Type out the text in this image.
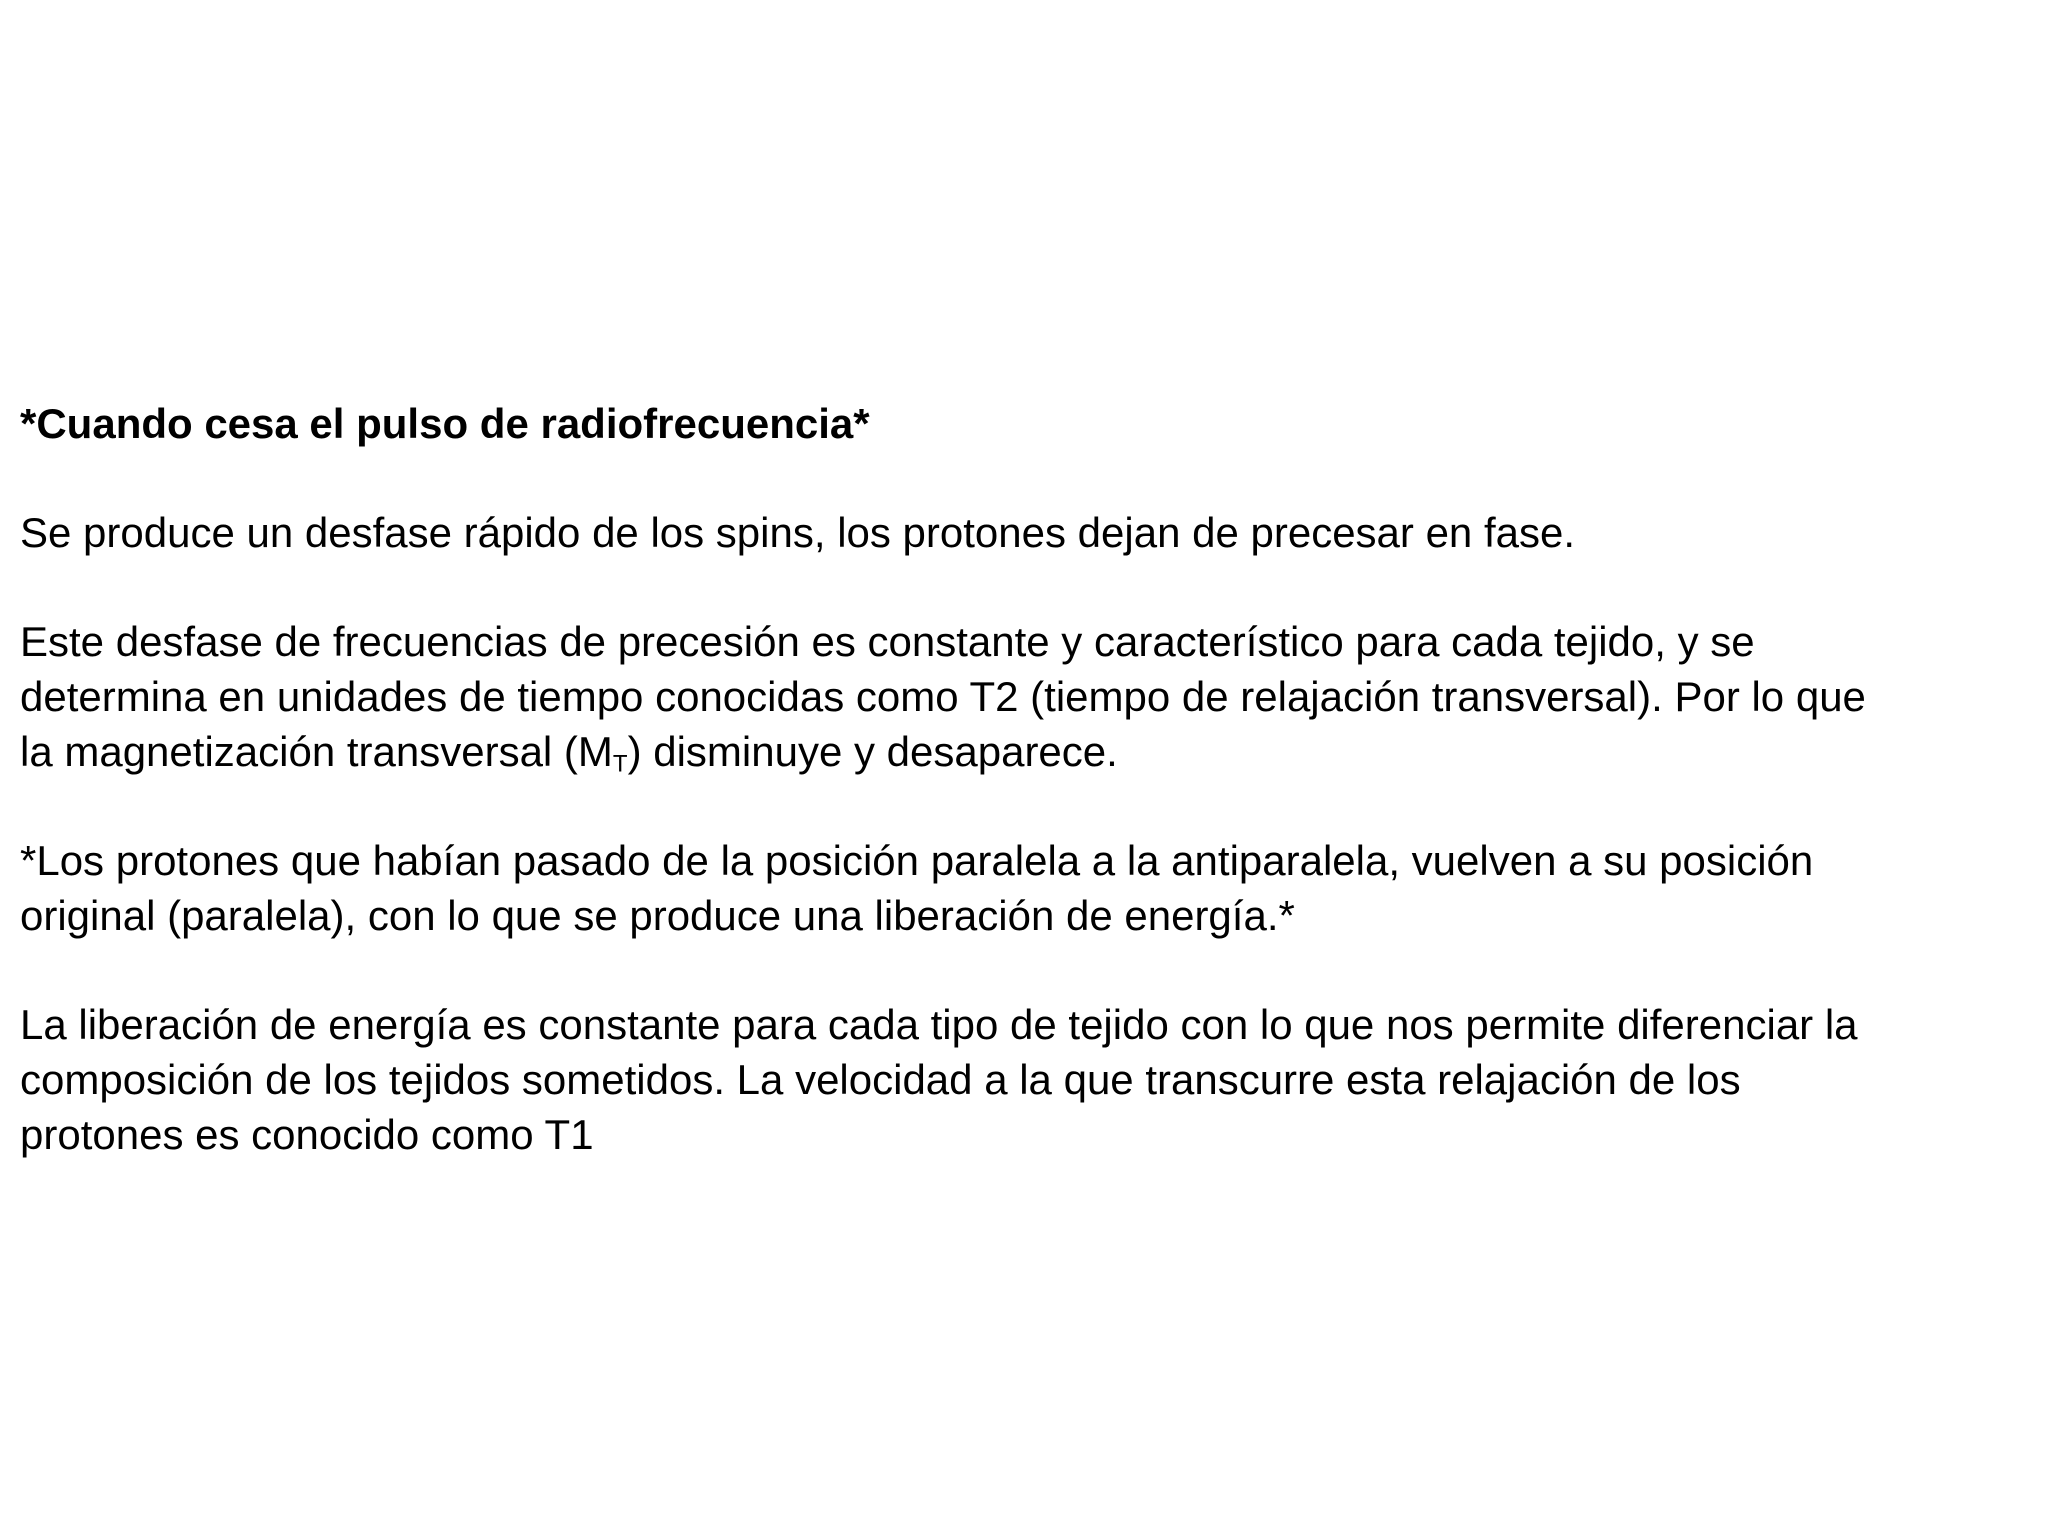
*Cuando cesa el pulso de radiofrecuencia*

Se produce un desfase rápido de los spins, los protones dejan de precesar en fase.

Este desfase de frecuencias de precesión es constante y característico para cada tejido, y se
determina en unidades de tiempo conocidas como T2 (tiempo de relajación transversal). Por lo que
la magnetización transversal $(M_T)$ disminuye y desaparece.

*Los protones que habían pasado de la posición paralela a la antiparalela, vuelven a su posición
original (paralela), con lo que se produce una liberación de energía.*

La liberación de energía es constante para cada tipo de tejido con lo que nos permite diferenciar la
composición de los tejidos sometidos. La velocidad a la que transcurre esta relajación de los
protones es conocido como T1
